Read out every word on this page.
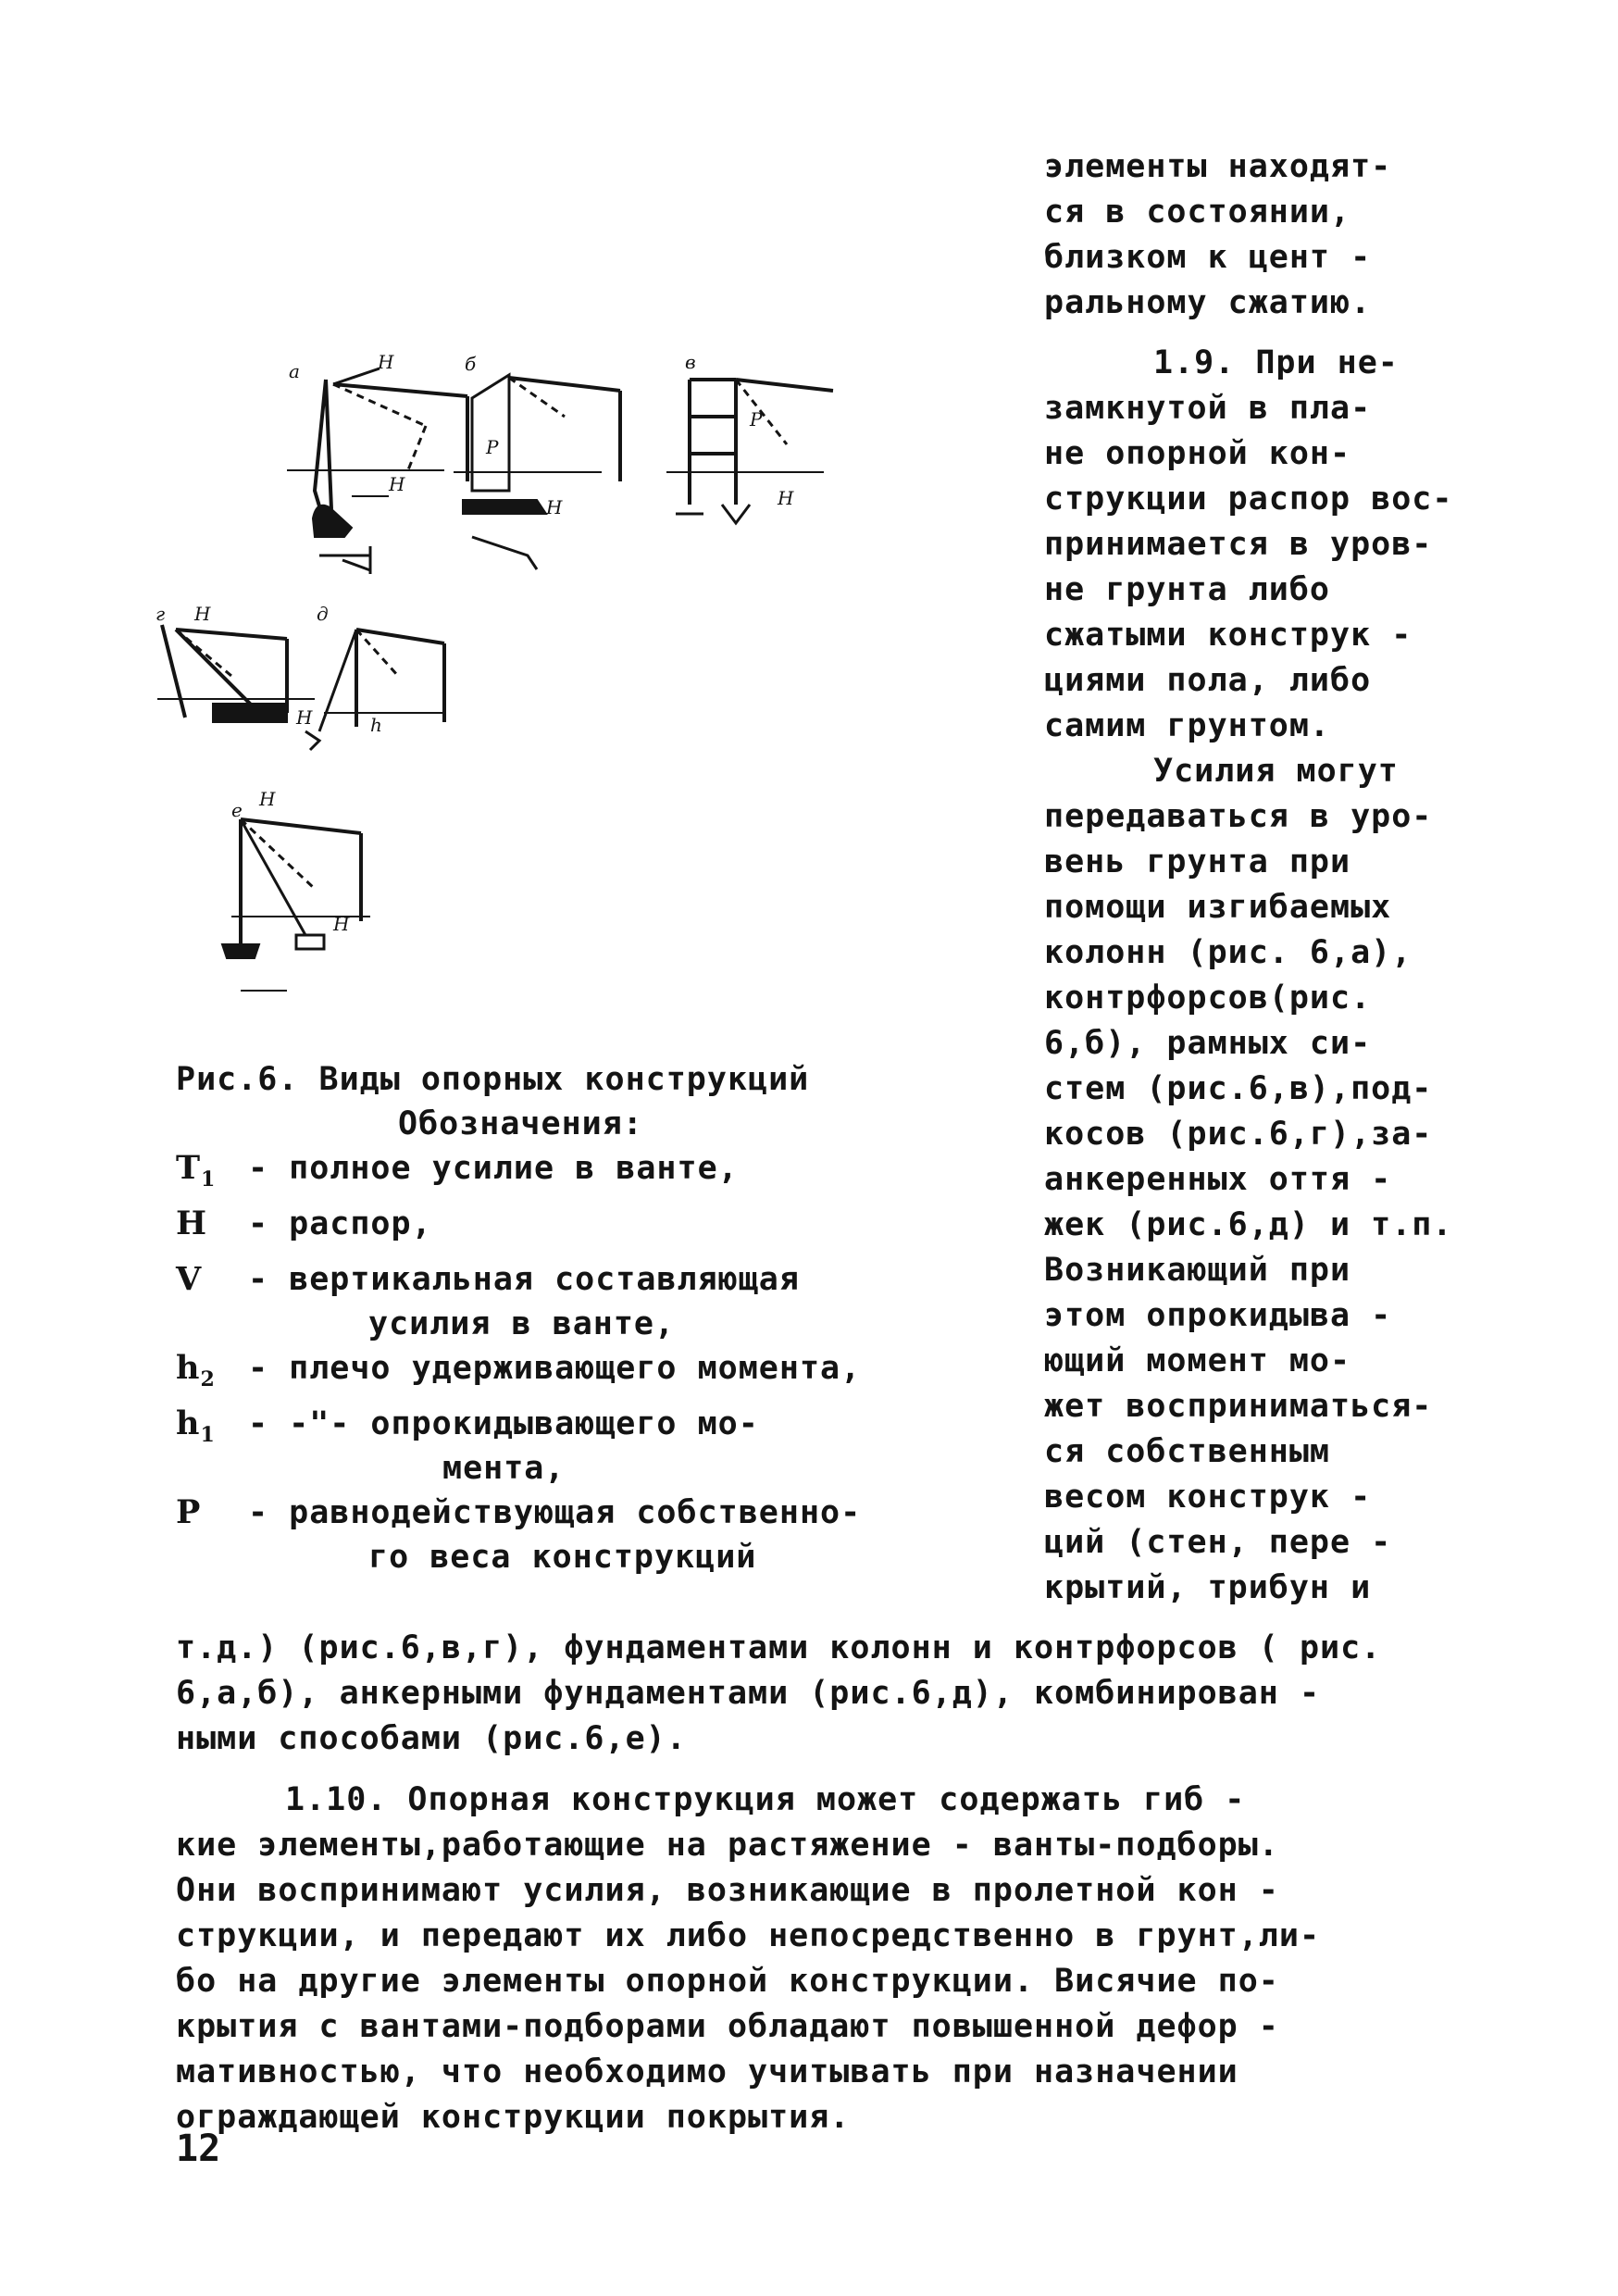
элементы находят-

ся в состоянии,

близком к цент -

ральному сжатию.

1.9. При не-

замкнутой в пла-

не опорной кон-

струкции распор вос-

принимается в уров-

не грунта либо

сжатыми конструк -

циями пола, либо

самим грунтом.

Усилия могут

передаваться в уро-

вень грунта при

помощи изгибаемых

колонн (рис. 6,а),

контрфорсов(рис.

6,б), рамных си-

стем (рис.6,в),под-

косов (рис.6,г),за-

анкеренных оття -

жек (рис.6,д) и т.п.

Возникающий при

этом опрокидыва -

ющий момент мо-

жет восприниматься-

ся собственным

весом конструк -

ций (стен, пере -

крытий, трибун и

а	H
H
б
P
H
в
P
H
г H
H
д
h
е H
H

Рис.6. Виды опорных конструкций

Обозначения:

$T_1$ - полное усилие в ванте,
H	- распор,
V	- вертикальная составляющая
усилия в ванте,
$h_2$	- плечо удерживающего момента,
$h_1$	- -"- опрокидывающего мо-
мента,
P	- равнодействующая собственно-
го веса конструкций

т.д.) (рис.6,в,г), фундаментами колонн и контрфорсов ( рис.

6,а,б), анкерными фундаментами (рис.6,д), комбинирован -

ными способами (рис.6,е).

1.10. Опорная конструкция может содержать гиб -

кие элементы,работающие на растяжение - ванты-подборы.

Они воспринимают усилия, возникающие в пролетной кон -

струкции, и передают их либо непосредственно в грунт,ли-

бо на другие элементы опорной конструкции. Висячие по-

крытия с вантами-подборами обладают повышенной дефор -

мативностью, что необходимо учитывать при назначении

ограждающей конструкции покрытия.

12
